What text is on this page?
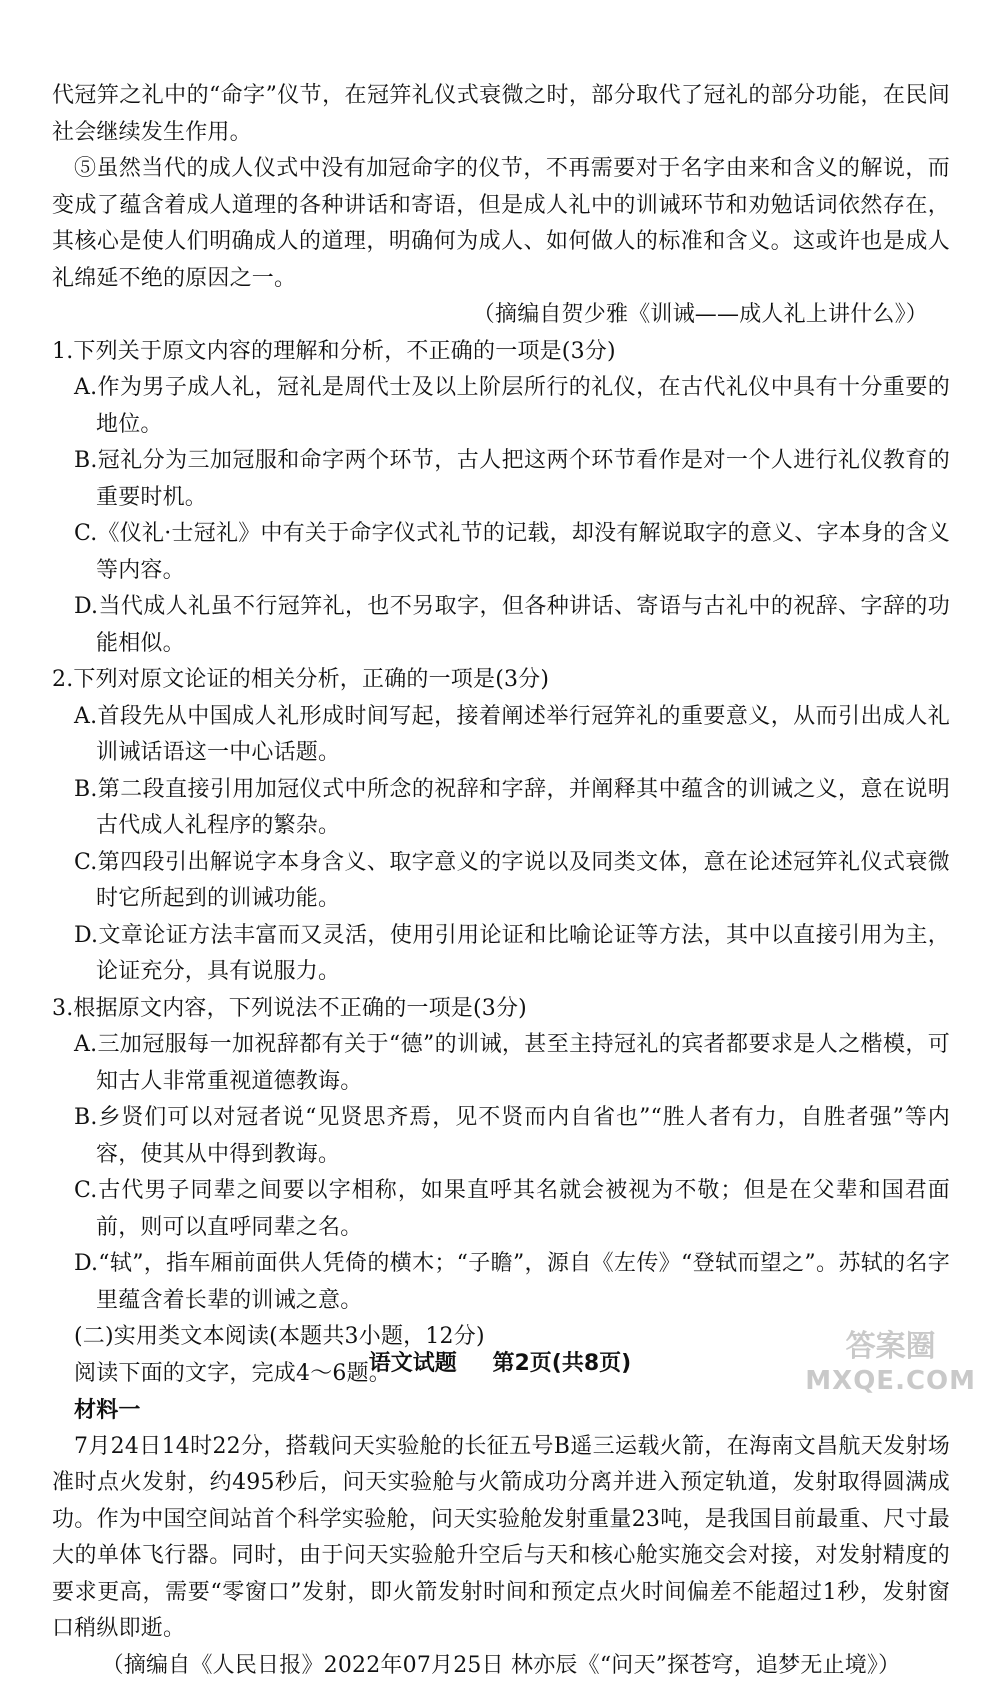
代冠笄之礼中的“命字”仪节，在冠笄礼仪式衰微之时，部分取代了冠礼的部分功能，在民间社会继续发生作用。

⑤虽然当代的成人仪式中没有加冠命字的仪节，不再需要对于名字由来和含义的解说，而变成了蕴含着成人道理的各种讲话和寄语，但是成人礼中的训诫环节和劝勉话词依然存在，其核心是使人们明确成人的道理，明确何为成人、如何做人的标准和含义。这或许也是成人礼绵延不绝的原因之一。

（摘编自贺少雅《训诫——成人礼上讲什么》）

1.下列关于原文内容的理解和分析，不正确的一项是(3分)

A.作为男子成人礼，冠礼是周代士及以上阶层所行的礼仪，在古代礼仪中具有十分重要的地位。

B.冠礼分为三加冠服和命字两个环节，古人把这两个环节看作是对一个人进行礼仪教育的重要时机。

C.《仪礼·士冠礼》中有关于命字仪式礼节的记载，却没有解说取字的意义、字本身的含义等内容。

D.当代成人礼虽不行冠笄礼，也不另取字，但各种讲话、寄语与古礼中的祝辞、字辞的功能相似。

2.下列对原文论证的相关分析，正确的一项是(3分)

A.首段先从中国成人礼形成时间写起，接着阐述举行冠笄礼的重要意义，从而引出成人礼训诫话语这一中心话题。

B.第二段直接引用加冠仪式中所念的祝辞和字辞，并阐释其中蕴含的训诫之义，意在说明古代成人礼程序的繁杂。

C.第四段引出解说字本身含义、取字意义的字说以及同类文体，意在论述冠笄礼仪式衰微时它所起到的训诫功能。

D.文章论证方法丰富而又灵活，使用引用论证和比喻论证等方法，其中以直接引用为主，论证充分，具有说服力。

3.根据原文内容，下列说法不正确的一项是(3分)

A.三加冠服每一加祝辞都有关于“德”的训诫，甚至主持冠礼的宾者都要求是人之楷模，可知古人非常重视道德教诲。

B.乡贤们可以对冠者说“见贤思齐焉，见不贤而内自省也”“胜人者有力，自胜者强”等内容，使其从中得到教诲。

C.古代男子同辈之间要以字相称，如果直呼其名就会被视为不敬；但是在父辈和国君面前，则可以直呼同辈之名。

D.“轼”，指车厢前面供人凭倚的横木；“子瞻”，源自《左传》“登轼而望之”。苏轼的名字里蕴含着长辈的训诫之意。

(二)实用类文本阅读(本题共3小题，12分)

阅读下面的文字，完成4～6题。

材料一

7月24日14时22分，搭载问天实验舱的长征五号B遥三运载火箭，在海南文昌航天发射场准时点火发射，约495秒后，问天实验舱与火箭成功分离并进入预定轨道，发射取得圆满成功。作为中国空间站首个科学实验舱，问天实验舱发射重量23吨，是我国目前最重、尺寸最大的单体飞行器。同时，由于问天实验舱升空后与天和核心舱实施交会对接，对发射精度的要求更高，需要“零窗口”发射，即火箭发射时间和预定点火时间偏差不能超过1秒，发射窗口稍纵即逝。

（摘编自《人民日报》2022年07月25日 林亦辰《“问天”探苍穹，追梦无止境》）

语文试题 第2页(共8页)	答案圈
MXQE.COM
